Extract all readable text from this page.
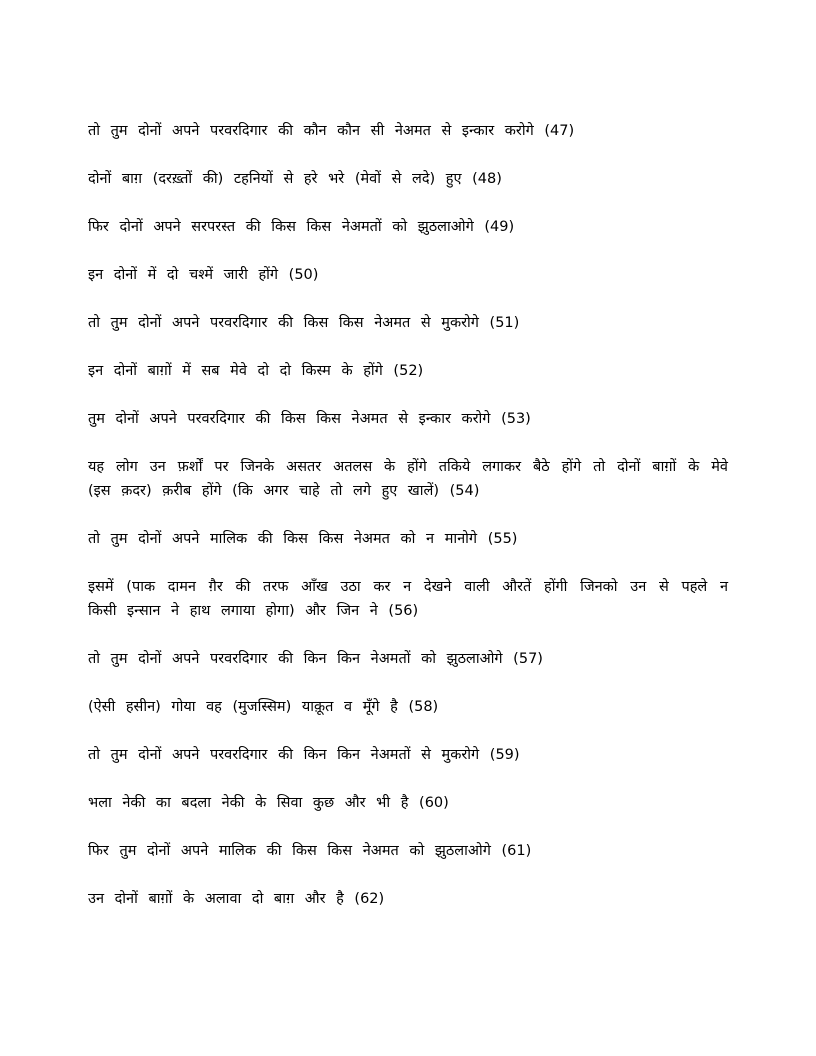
तो तुम दोनों अपने परवरदिगार की कौन कौन सी नेअमत से इन्कार करोगे (47)

दोनों बाग़ (दरख़्तों की) टहनियों से हरे भरे (मेवों से लदे) हुए (48)

फिर दोनों अपने सरपरस्त की किस किस नेअमतों को झुठलाओगे (49)

इन दोनों में दो चश्में जारी होंगे (50)

तो तुम दोनों अपने परवरदिगार की किस किस नेअमत से मुकरोगे (51)

इन दोनों बाग़ों में सब मेवे दो दो किस्म के होंगे (52)

तुम दोनों अपने परवरदिगार की किस किस नेअमत से इन्कार करोगे (53)

यह लोग उन फ़र्शों पर जिनके असतर अतलस के होंगे तकिये लगाकर बैठे होंगे तो दोनों बाग़ों के मेवे (इस क़दर) क़रीब होंगे (कि अगर चाहे तो लगे हुए खालें) (54)

तो तुम दोनों अपने मालिक की किस किस नेअमत को न मानोगे (55)

इसमें (पाक दामन ग़ैर की तरफ आँख उठा कर न देखने वाली औरतें होंगी जिनको उन से पहले न किसी इन्सान ने हाथ लगाया होगा) और जिन ने (56)

तो तुम दोनों अपने परवरदिगार की किन किन नेअमतों को झुठलाओगे (57)

(ऐसी हसीन) गोया वह (मुजस्सिम) याक़ूत व मूँगे है (58)

तो तुम दोनों अपने परवरदिगार की किन किन नेअमतों से मुकरोगे (59)

भला नेकी का बदला नेकी के सिवा कुछ और भी है (60)

फिर तुम दोनों अपने मालिक की किस किस नेअमत को झुठलाओगे (61)

उन दोनों बाग़ों के अलावा दो बाग़ और है (62)
